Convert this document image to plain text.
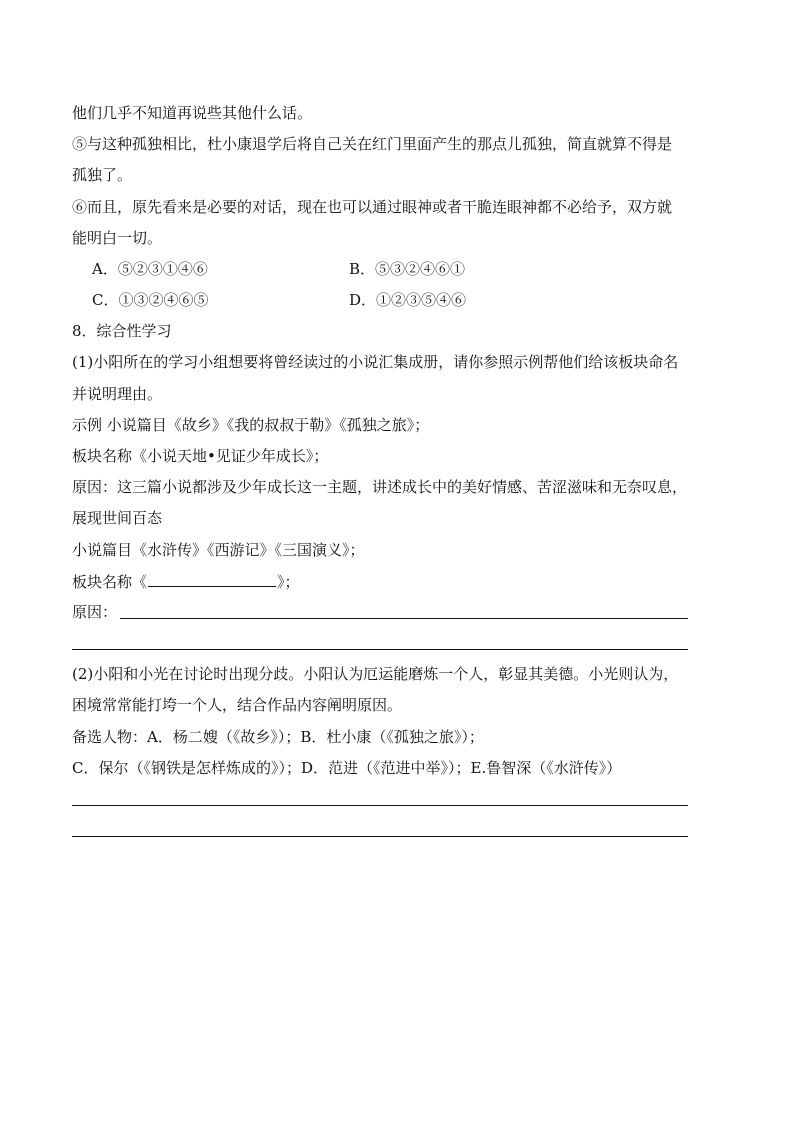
他们几乎不知道再说些其他什么话。
⑤与这种孤独相比，杜小康退学后将自己关在红门里面产生的那点儿孤独，简直就算不得是
孤独了。
⑥而且，原先看来是必要的对话，现在也可以通过眼神或者干脆连眼神都不必给予，双方就
能明白一切。
A．⑤②③①④⑥	B．⑤③②④⑥①
C．①③②④⑥⑤	D．①②③⑤④⑥
8．综合性学习
(1)小阳所在的学习小组想要将曾经读过的小说汇集成册，请你参照示例帮他们给该板块命名
并说明理由。
示例 小说篇目《故乡》《我的叔叔于勒》《孤独之旅》；
板块名称《小说天地•见证少年成长》；
原因：这三篇小说都涉及少年成长这一主题，讲述成长中的美好情感、苦涩滋味和无奈叹息，
展现世间百态
小说篇目《水浒传》《西游记》《三国演义》；
板块名称《	》；
原因：
(2)小阳和小光在讨论时出现分歧。小阳认为厄运能磨炼一个人，彰显其美德。小光则认为，
困境常常能打垮一个人，结合作品内容阐明原因。
备选人物：A．杨二嫂（《故乡》）；B．杜小康（《孤独之旅》）；
C．保尔（《钢铁是怎样炼成的》）；D．范进（《范进中举》）；E.鲁智深（《水浒传》）
